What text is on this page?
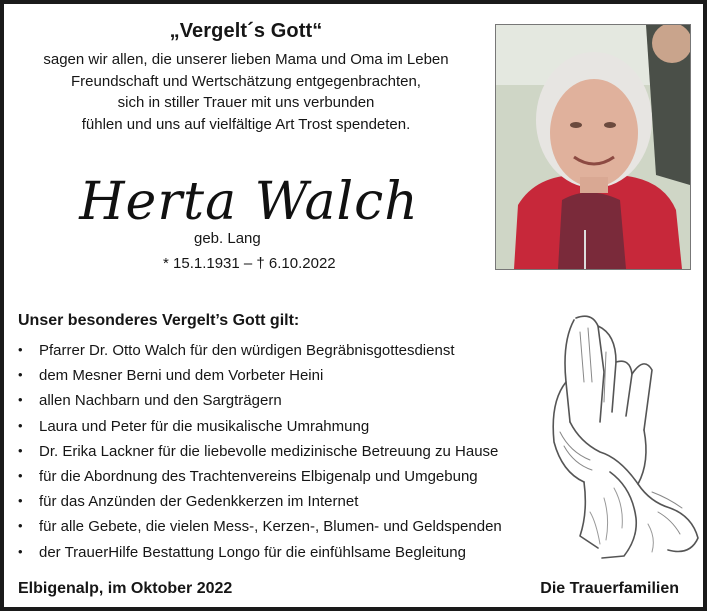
„Vergelt´s Gott“

sagen wir allen, die unserer lieben Mama und Oma im Leben

Freundschaft und Wertschätzung entgegenbrachten,

sich in stiller Trauer mit uns verbunden

fühlen und uns auf vielfältige Art Trost spendeten.

Herta Walch
geb. Lang
* 15.1.1931 – † 6.10.2022

Unser besonderes Vergelt’s Gott gilt:

• Pfarrer Dr. Otto Walch für den würdigen Begräbnisgottesdienst
• dem Mesner Berni und dem Vorbeter Heini
• allen Nachbarn und den Sargträgern
• Laura und Peter für die musikalische Umrahmung
• Dr. Erika Lackner für die liebevolle medizinische Betreuung zu Hause
• für die Abordnung des Trachtenvereins Elbigenalp und Umgebung
• für das Anzünden der Gedenkkerzen im Internet
• für alle Gebete, die vielen Mess-, Kerzen-, Blumen- und Geldspenden
• der TrauerHilfe Bestattung Longo für die einfühlsame Begleitung
Elbigenalp, im Oktober 2022	Die Trauerfamilien
